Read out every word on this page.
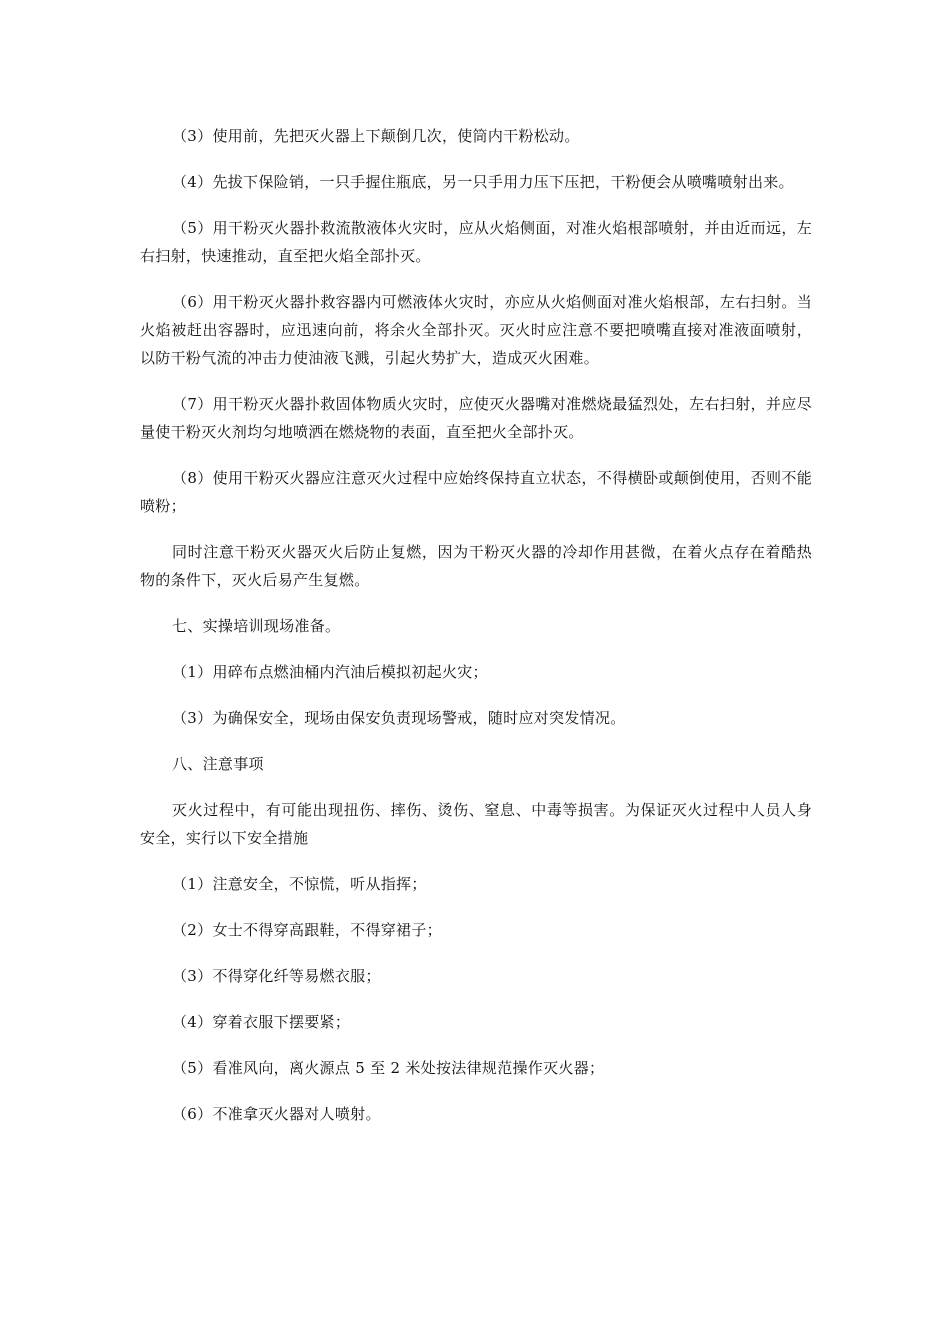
（3）使用前，先把灭火器上下颠倒几次，使筒内干粉松动。

（4）先拔下保险销，一只手握住瓶底，另一只手用力压下压把，干粉便会从喷嘴喷射出来。

（5）用干粉灭火器扑救流散液体火灾时，应从火焰侧面，对准火焰根部喷射，并由近而远，左右扫射，快速推动，直至把火焰全部扑灭。

（6）用干粉灭火器扑救容器内可燃液体火灾时，亦应从火焰侧面对准火焰根部，左右扫射。当火焰被赶出容器时，应迅速向前，将余火全部扑灭。灭火时应注意不要把喷嘴直接对准液面喷射，以防干粉气流的冲击力使油液飞溅，引起火势扩大，造成灭火困难。

（7）用干粉灭火器扑救固体物质火灾时，应使灭火器嘴对准燃烧最猛烈处，左右扫射，并应尽量使干粉灭火剂均匀地喷洒在燃烧物的表面，直至把火全部扑灭。

（8）使用干粉灭火器应注意灭火过程中应始终保持直立状态，不得横卧或颠倒使用，否则不能喷粉；

同时注意干粉灭火器灭火后防止复燃，因为干粉灭火器的冷却作用甚微，在着火点存在着酷热物的条件下，灭火后易产生复燃。

七、实操培训现场准备。

（1）用碎布点燃油桶内汽油后模拟初起火灾；

（3）为确保安全，现场由保安负责现场警戒，随时应对突发情况。

八、注意事项

灭火过程中，有可能出现扭伤、摔伤、烫伤、窒息、中毒等损害。为保证灭火过程中人员人身安全，实行以下安全措施

（1）注意安全，不惊慌，听从指挥；

（2）女士不得穿高跟鞋，不得穿裙子；

（3）不得穿化纤等易燃衣服；

（4）穿着衣服下摆要紧；

（5）看准风向，离火源点 5 至 2 米处按法律规范操作灭火器；

（6）不准拿灭火器对人喷射。
